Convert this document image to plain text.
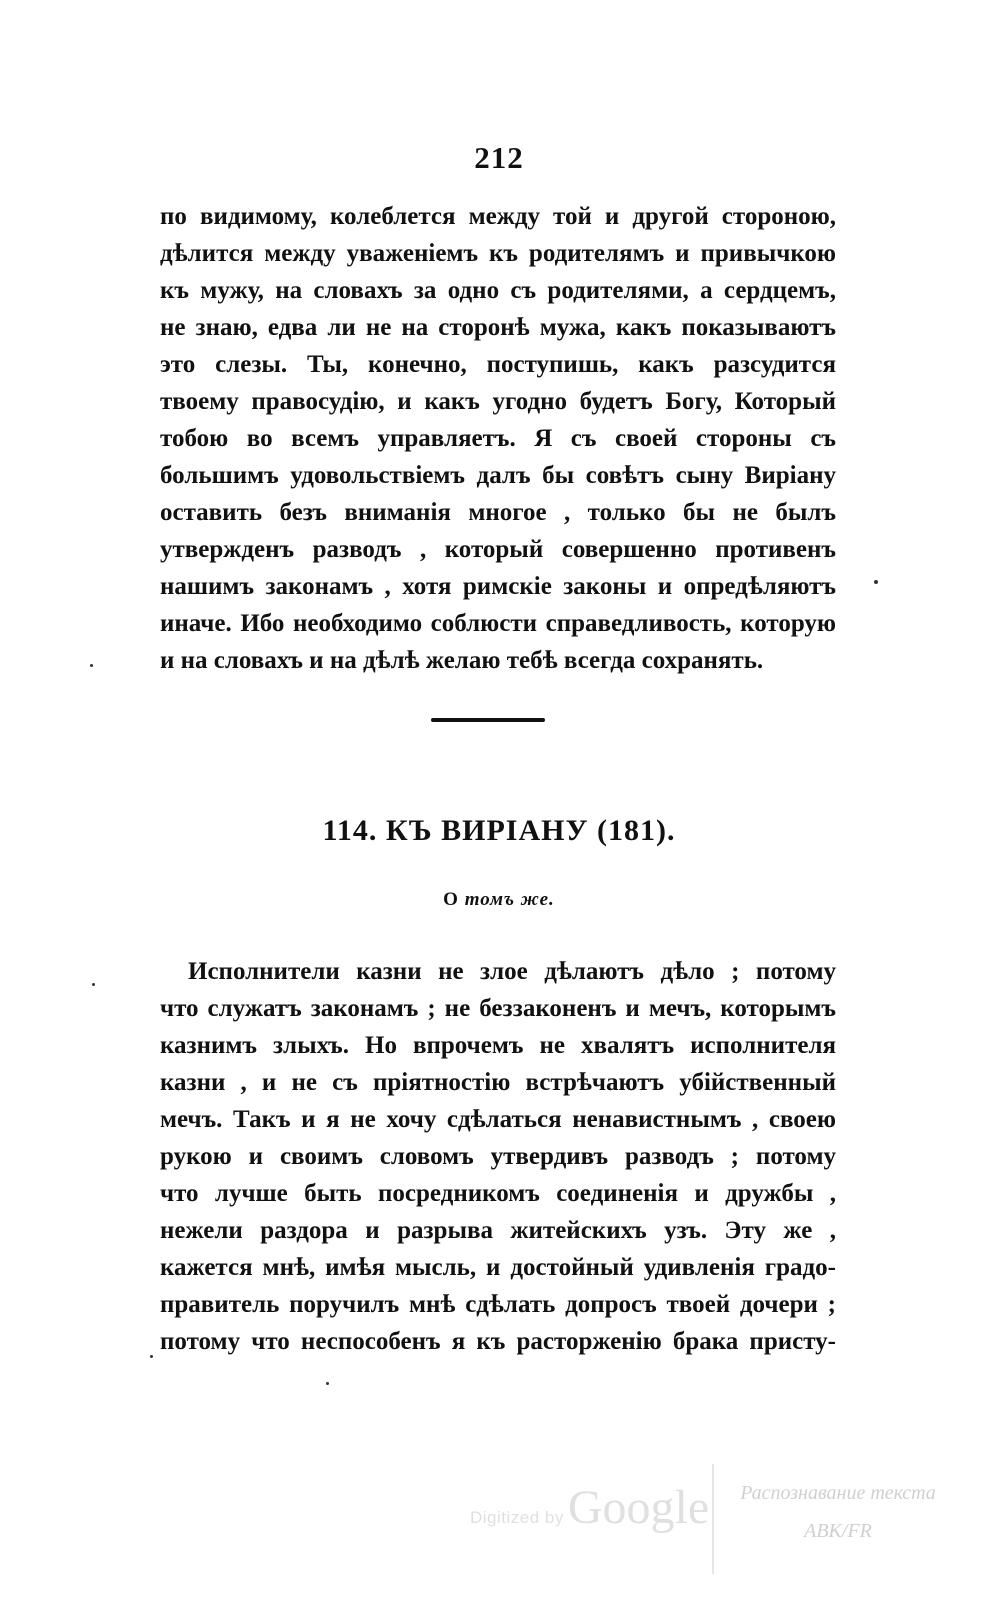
212
по видимому, колеблется между той и другой стороною,
дѣлится между уваженіемъ къ родителямъ и привычкою
къ мужу, на словахъ за одно съ родителями, а сердцемъ,
не знаю, едва ли не на сторонѣ мужа, какъ показываютъ
это слезы. Ты, конечно, поступишь, какъ разсудится
твоему правосудію, и какъ угодно будетъ Богу, Который
тобою во всемъ управляетъ. Я съ своей стороны съ
большимъ удовольствіемъ далъ бы совѣтъ сыну Виріану
оставить безъ вниманія многое , только бы не былъ
утвержденъ разводъ , который совершенно противенъ
нашимъ законамъ , хотя римскіе законы и опредѣляютъ
иначе. Ибо необходимо соблюсти справедливость, которую
и на словахъ и на дѣлѣ желаю тебѣ всегда сохранять.
114. КЪ ВИРІАНУ (181).
О томъ же.
Исполнители казни не злое дѣлаютъ дѣло ; потому
что служатъ законамъ ; не беззаконенъ и мечъ, которымъ
казнимъ злыхъ. Но впрочемъ не хвалятъ исполнителя
казни , и не съ пріятностію встрѣчаютъ убійственный
мечъ. Такъ и я не хочу сдѣлаться ненавистнымъ , своею
рукою и своимъ словомъ утвердивъ разводъ ; потому
что лучше быть посредникомъ соединенія и дружбы ,
нежели раздора и разрыва житейскихъ узъ. Эту же ,
кажется мнѣ, имѣя мысль, и достойный удивленія градо-
правитель поручилъ мнѣ сдѣлать допросъ твоей дочери ;
потому что неспособенъ я къ расторженію брака присту-
Digitized byGoogle	Распознавание текста
ABK/FR
